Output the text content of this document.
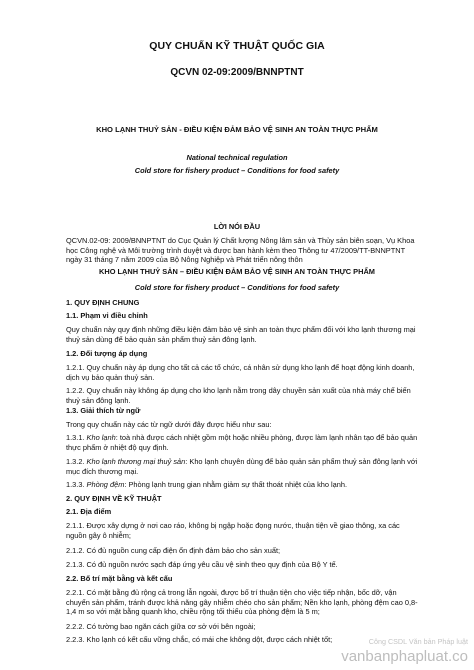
QUY CHUẨN KỸ THUẬT QUỐC GIA
QCVN 02-09:2009/BNNPTNT
KHO LẠNH THUỶ SẢN - ĐIỀU KIỆN ĐẢM BẢO VỆ SINH AN TOÀN THỰC PHẨM
National technical regulation
Cold store for fishery product – Conditions for food safety
LỜI NÓI ĐẦU

QCVN.02-09: 2009/BNNPTNT do Cục Quản lý Chất lượng Nông lâm sản và Thủy sản biên soạn, Vụ Khoa học Công nghệ và Môi trường trình duyệt và được ban hành kèm theo Thông tư 47/2009/TT-BNNPTNT ngày 31 tháng 7 năm 2009 của Bộ Nông Nghiệp và Phát triển nông thôn

KHO LẠNH THUỶ SẢN – ĐIỀU KIỆN ĐẢM BẢO VỆ SINH AN TOÀN THỰC PHẨM
Cold store for fishery product – Conditions for food safety
1. QUY ĐỊNH CHUNG
1.1. Phạm vi điều chỉnh

Quy chuẩn này quy định những điều kiện đảm bảo vệ sinh an toàn thực phẩm đối với kho lạnh thương mại thuỷ sản dùng để bảo quản sản phẩm thuỷ sản đông lạnh.

1.2. Đối tượng áp dụng

1.2.1. Quy chuẩn này áp dụng cho tất cả các tổ chức, cá nhân sử dụng kho lạnh để hoạt động kinh doanh, dịch vụ bảo quản thuỷ sản.

1.2.2. Quy chuẩn này không áp dụng cho kho lạnh nằm trong dây chuyền sản xuất của nhà máy chế biến thuỷ sản đông lạnh.

1.3. Giải thích từ ngữ

Trong quy chuẩn này các từ ngữ dưới đây được hiểu như sau:

1.3.1. Kho lạnh: toà nhà được cách nhiệt gồm một hoặc nhiều phòng, được làm lạnh nhân tạo để bảo quản thực phẩm ở nhiệt độ quy định.

1.3.2. Kho lạnh thương mại thuỷ sản: Kho lạnh chuyên dùng để bảo quản sản phẩm thuỷ sản đông lạnh với mục đích thương mại.

1.3.3. Phòng đệm: Phòng lạnh trung gian nhằm giảm sự thất thoát nhiệt của kho lạnh.

2. QUY ĐỊNH VỀ KỸ THUẬT
2.1. Địa điểm

2.1.1. Được xây dựng ở nơi cao ráo, không bị ngập hoặc đọng nước, thuận tiện về giao thông, xa các nguồn gây ô nhiễm;

2.1.2. Có đủ nguồn cung cấp điện ổn định đảm bảo cho sản xuất;

2.1.3. Có đủ nguồn nước sạch đáp ứng yêu cầu vệ sinh theo quy định của Bộ Y tế.

2.2. Bố trí mặt bằng và kết cấu

2.2.1. Có mặt bằng đủ rộng cả trong lẫn ngoài, được bố trí thuận tiện cho việc tiếp nhận, bốc dỡ, vận chuyển sản phẩm, tránh được khả năng gây nhiễm chéo cho sản phẩm; Nền kho lạnh, phòng đệm cao 0,8-1,4 m so với mặt bằng quanh kho, chiều rộng tối thiểu của phòng đệm là 5 m;

2.2.2. Có tường bao ngăn cách giữa cơ sở với bên ngoài;

2.2.3. Kho lạnh có kết cấu vững chắc, có mái che không dột, được cách nhiệt tốt;	Công CSDL Văn bản Pháp luật
vanbanphapluat.co
